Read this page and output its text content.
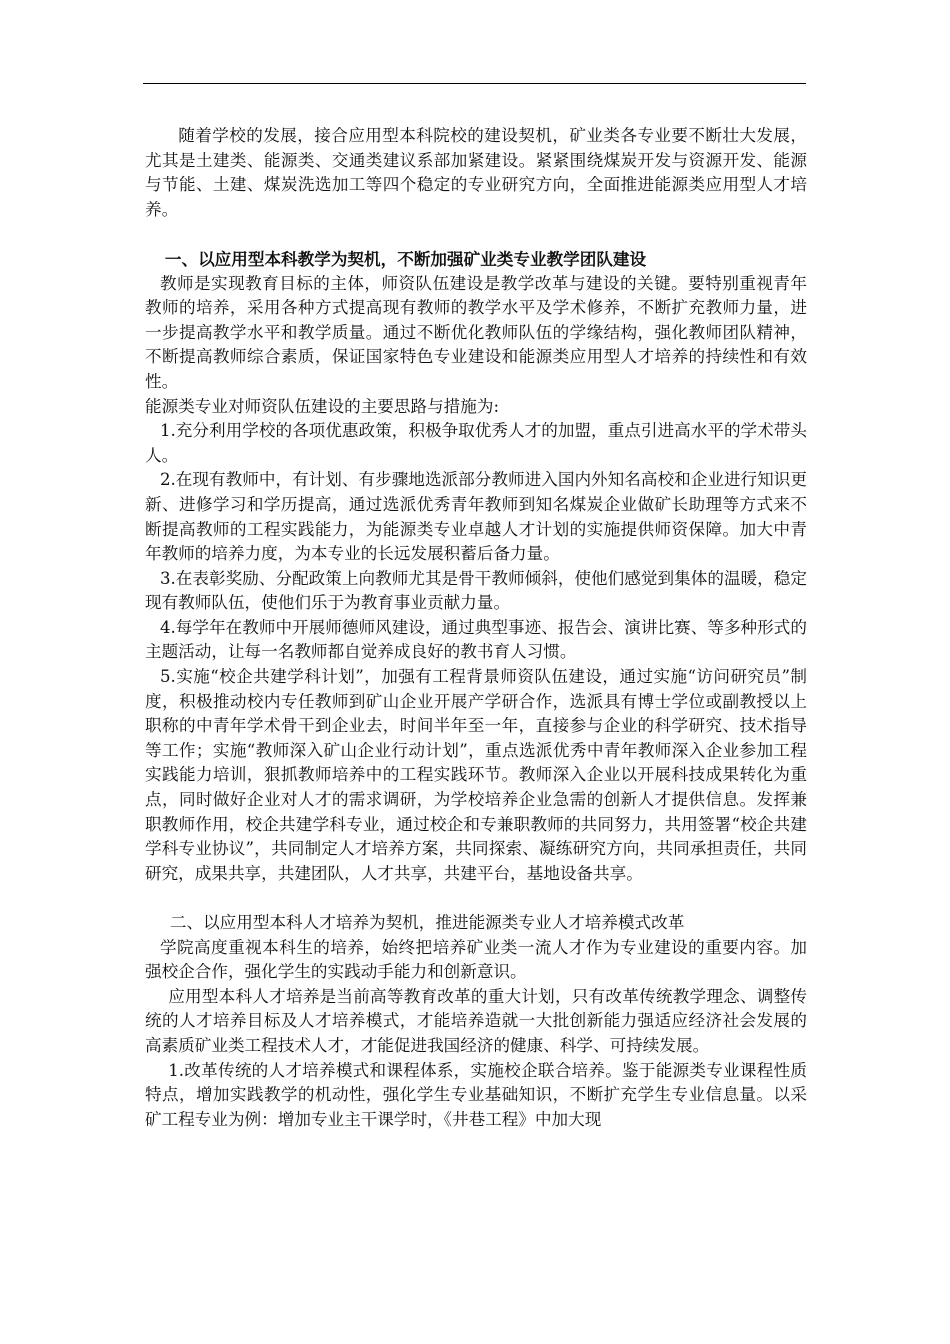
随着学校的发展，接合应用型本科院校的建设契机，矿业类各专业要不断壮大发展，尤其是土建类、能源类、交通类建议系部加紧建设。紧紧围绕煤炭开发与资源开发、能源与节能、土建、煤炭洗选加工等四个稳定的专业研究方向，全面推进能源类应用型人才培养。

一、以应用型本科教学为契机，不断加强矿业类专业教学团队建设

教师是实现教育目标的主体，师资队伍建设是教学改革与建设的关键。要特别重视青年教师的培养，采用各种方式提高现有教师的教学水平及学术修养，不断扩充教师力量，进一步提高教学水平和教学质量。通过不断优化教师队伍的学缘结构，强化教师团队精神，不断提高教师综合素质，保证国家特色专业建设和能源类应用型人才培养的持续性和有效性。

能源类专业对师资队伍建设的主要思路与措施为:

1.充分利用学校的各项优惠政策，积极争取优秀人才的加盟，重点引进高水平的学术带头人。

2.在现有教师中，有计划、有步骤地选派部分教师进入国内外知名高校和企业进行知识更新、进修学习和学历提高，通过选派优秀青年教师到知名煤炭企业做矿长助理等方式来不断提高教师的工程实践能力，为能源类专业卓越人才计划的实施提供师资保障。加大中青年教师的培养力度，为本专业的长远发展积蓄后备力量。

3.在表彰奖励、分配政策上向教师尤其是骨干教师倾斜，使他们感觉到集体的温暖，稳定现有教师队伍，使他们乐于为教育事业贡献力量。

4.每学年在教师中开展师德师风建设，通过典型事迹、报告会、演讲比赛、等多种形式的主题活动，让每一名教师都自觉养成良好的教书育人习惯。

5.实施“校企共建学科计划”，加强有工程背景师资队伍建设，通过实施“访问研究员”制度，积极推动校内专任教师到矿山企业开展产学研合作，选派具有博士学位或副教授以上职称的中青年学术骨干到企业去，时间半年至一年，直接参与企业的科学研究、技术指导等工作；实施“教师深入矿山企业行动计划”，重点选派优秀中青年教师深入企业参加工程实践能力培训，狠抓教师培养中的工程实践环节。教师深入企业以开展科技成果转化为重点，同时做好企业对人才的需求调研，为学校培养企业急需的创新人才提供信息。发挥兼职教师作用，校企共建学科专业，通过校企和专兼职教师的共同努力，共用签署“校企共建学科专业协议”，共同制定人才培养方案，共同探索、凝练研究方向，共同承担责任，共同研究，成果共享，共建团队，人才共享，共建平台，基地设备共享。

二、以应用型本科人才培养为契机，推进能源类专业人才培养模式改革

学院高度重视本科生的培养，始终把培养矿业类一流人才作为专业建设的重要内容。加强校企合作，强化学生的实践动手能力和创新意识。

应用型本科人才培养是当前高等教育改革的重大计划，只有改革传统教学理念、调整传统的人才培养目标及人才培养模式，才能培养造就一大批创新能力强适应经济社会发展的高素质矿业类工程技术人才，才能促进我国经济的健康、科学、可持续发展。

1.改革传统的人才培养模式和课程体系，实施校企联合培养。鉴于能源类专业课程性质特点，增加实践教学的机动性，强化学生专业基础知识，不断扩充学生专业信息量。以采矿工程专业为例：增加专业主干课学时，《井巷工程》中加大现
